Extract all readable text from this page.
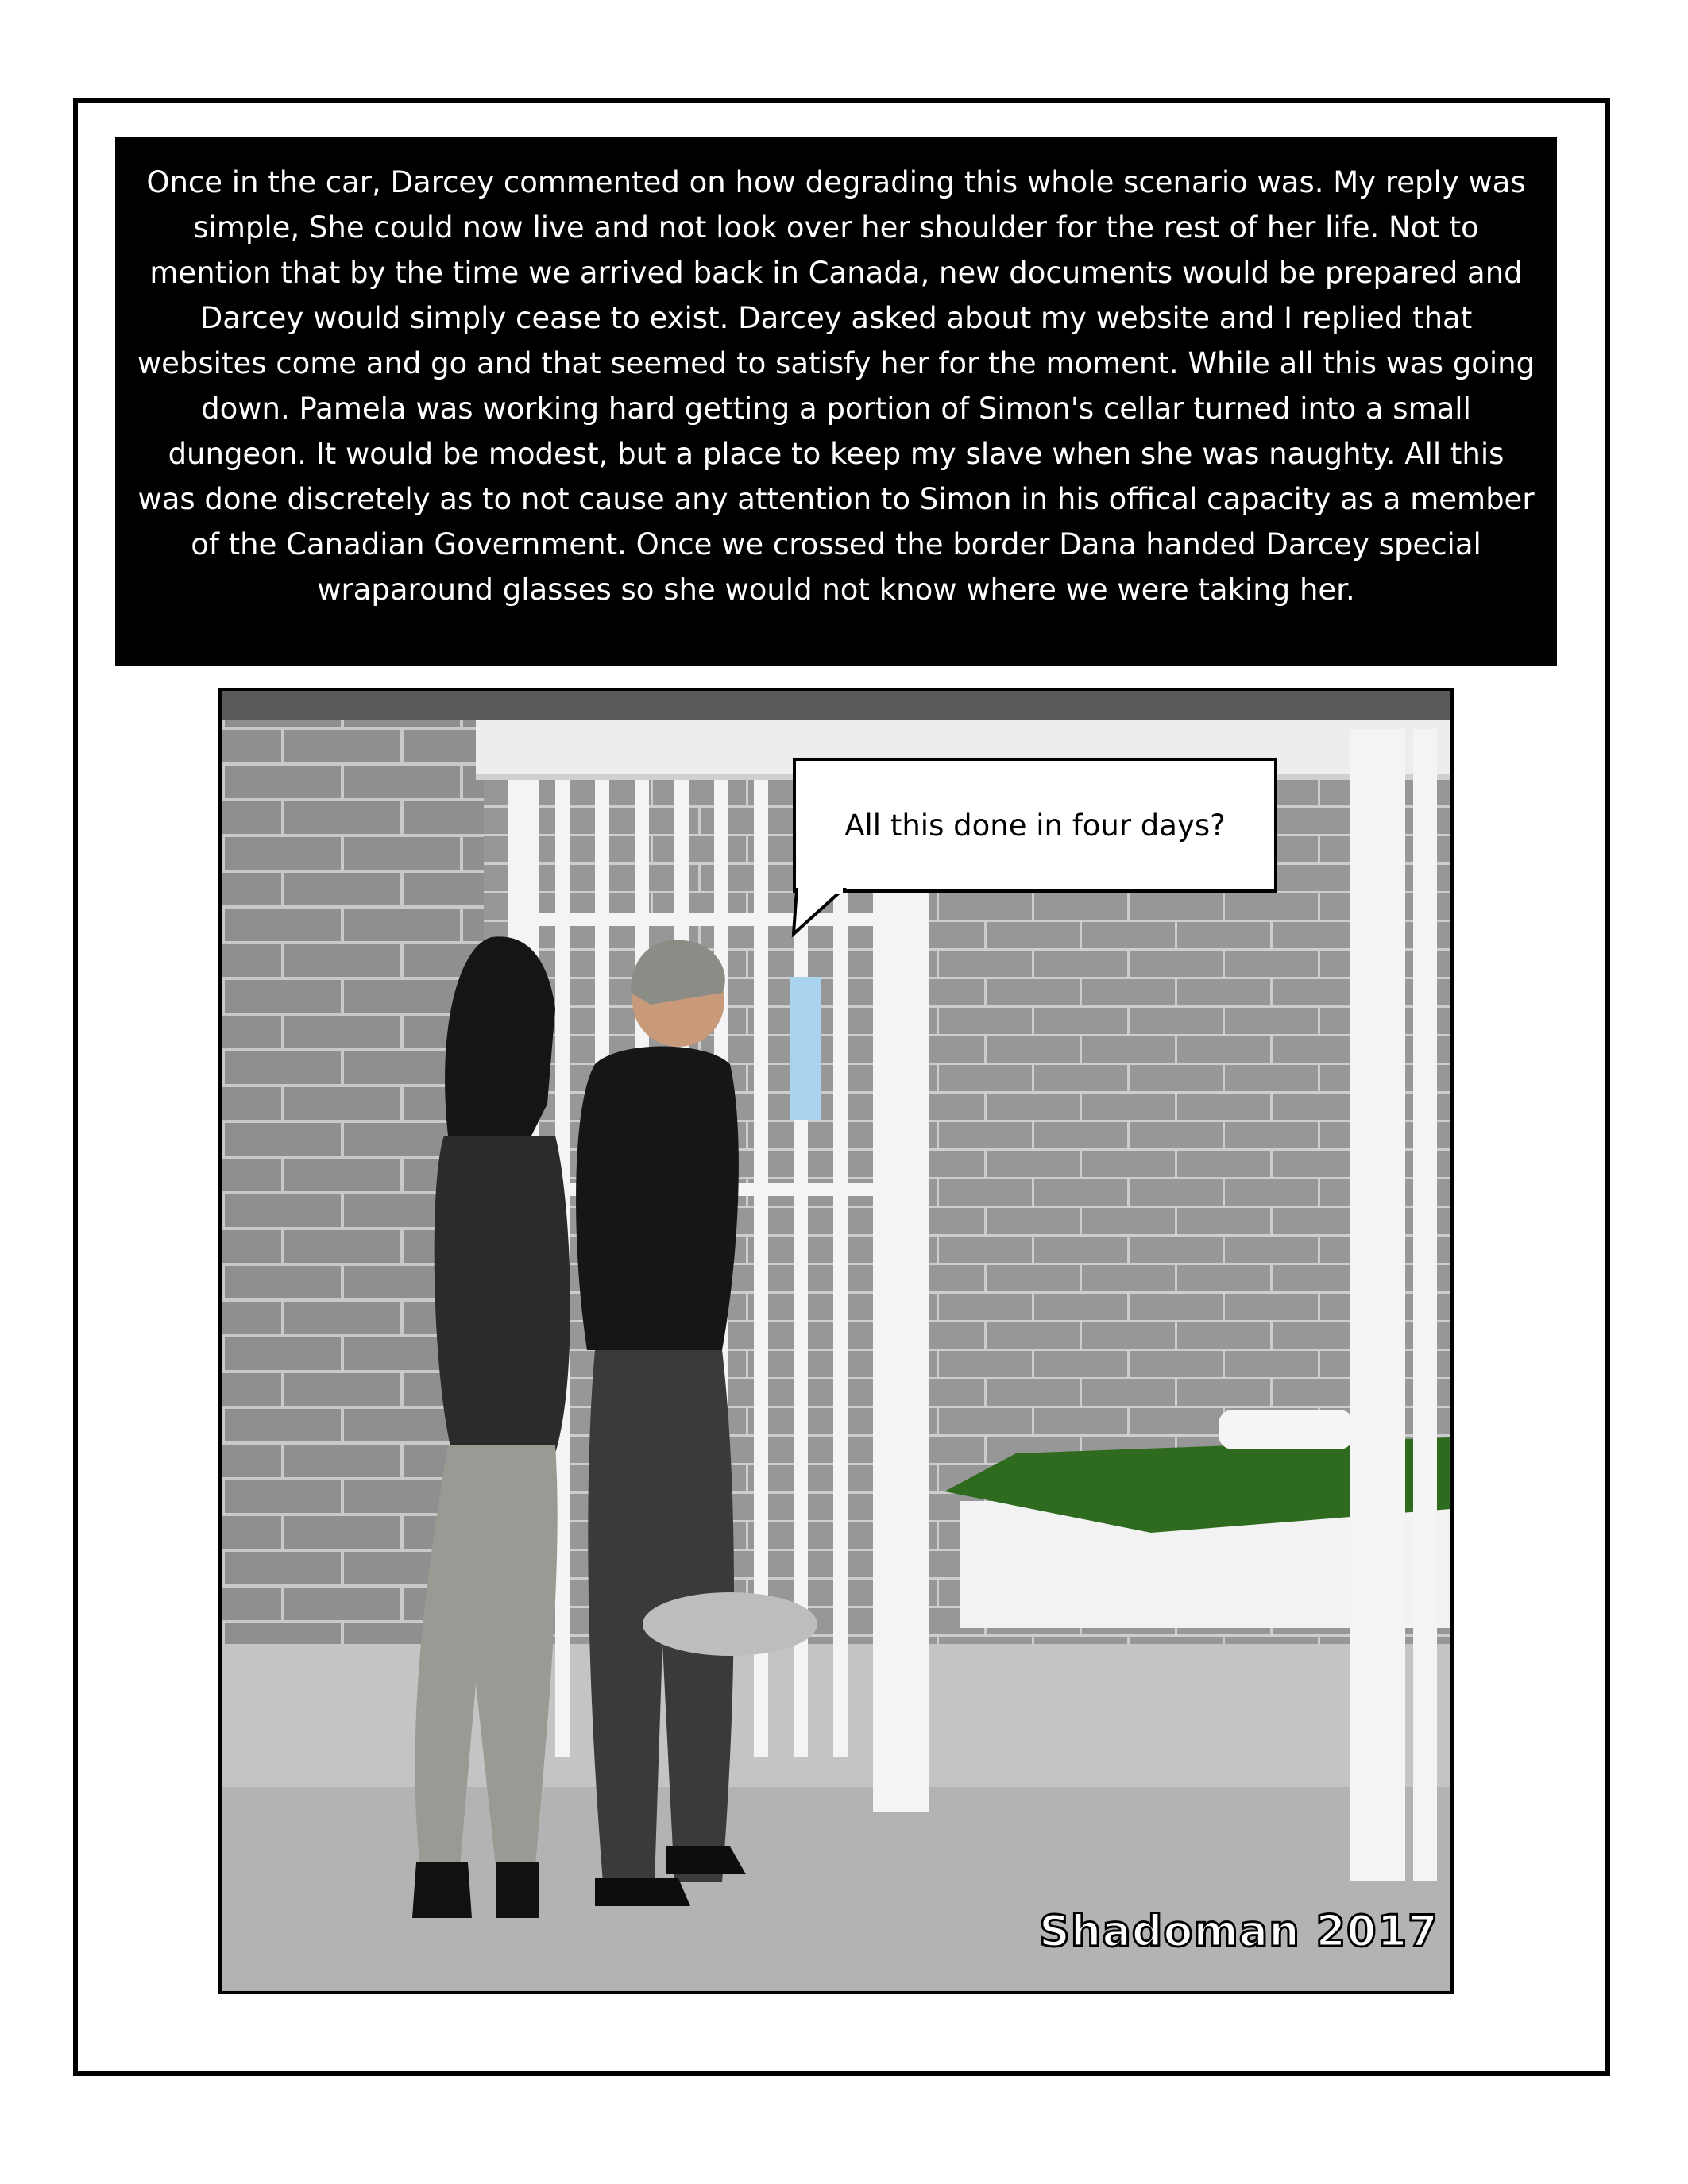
Once in the car, Darcey commented on how degrading this whole scenario was. My reply was simple, She could now live and not look over her shoulder for the rest of her life. Not to mention that by the time we arrived back in Canada, new documents would be prepared and Darcey would simply cease to exist. Darcey asked about my website and I replied that websites come and go and that seemed to satisfy her for the moment. While all this was going down. Pamela was working hard getting a portion of Simon's cellar turned into a small dungeon. It would be modest, but a place to keep my slave when she was naughty. All this was done discretely as to not cause any attention to Simon in his offical capacity as a member of the Canadian Government. Once we crossed the border Dana handed Darcey special wraparound glasses so she would not know where we were taking her.

All this done in four days?
Shadoman 2017
